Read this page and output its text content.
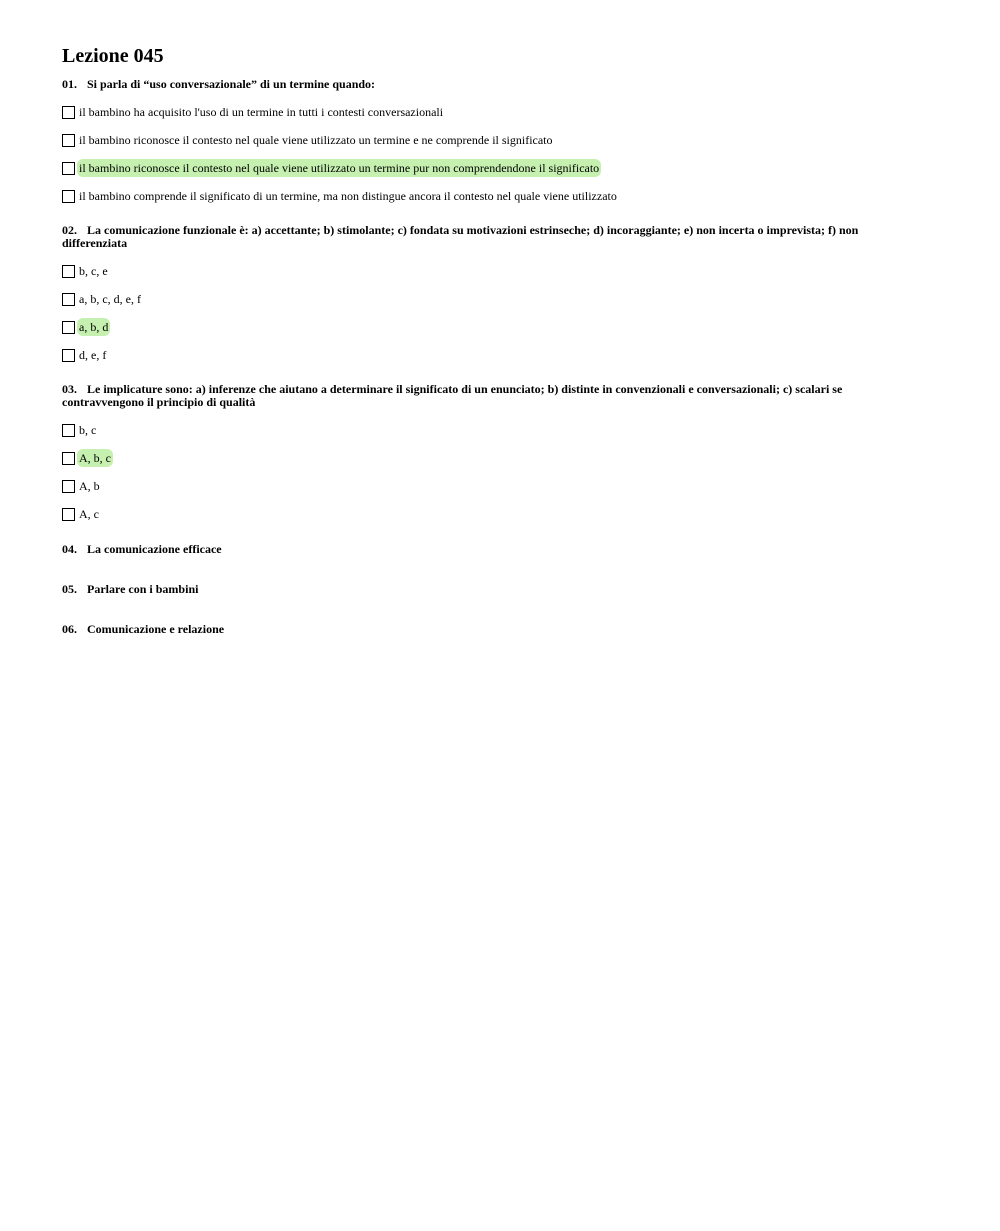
Lezione 045
01. Si parla di “uso conversazionale” di un termine quando:
il bambino ha acquisito l'uso di un termine in tutti i contesti conversazionali
il bambino riconosce il contesto nel quale viene utilizzato un termine e ne comprende il significato
il bambino riconosce il contesto nel quale viene utilizzato un termine pur non comprendendone il significato
il bambino comprende il significato di un termine, ma non distingue ancora il contesto nel quale viene utilizzato
02. La comunicazione funzionale è: a) accettante; b) stimolante; c) fondata su motivazioni estrinseche; d) incoraggiante; e) non incerta o imprevista; f) non differenziata
b, c, e
a, b, c, d, e, f
a, b, d
d, e, f
03. Le implicature sono: a) inferenze che aiutano a determinare il significato di un enunciato; b) distinte in convenzionali e conversazionali; c) scalari se contravvengono il principio di qualità
b, c
A, b, c
A, b
A, c
04. La comunicazione efficace
05. Parlare con i bambini
06. Comunicazione e relazione
